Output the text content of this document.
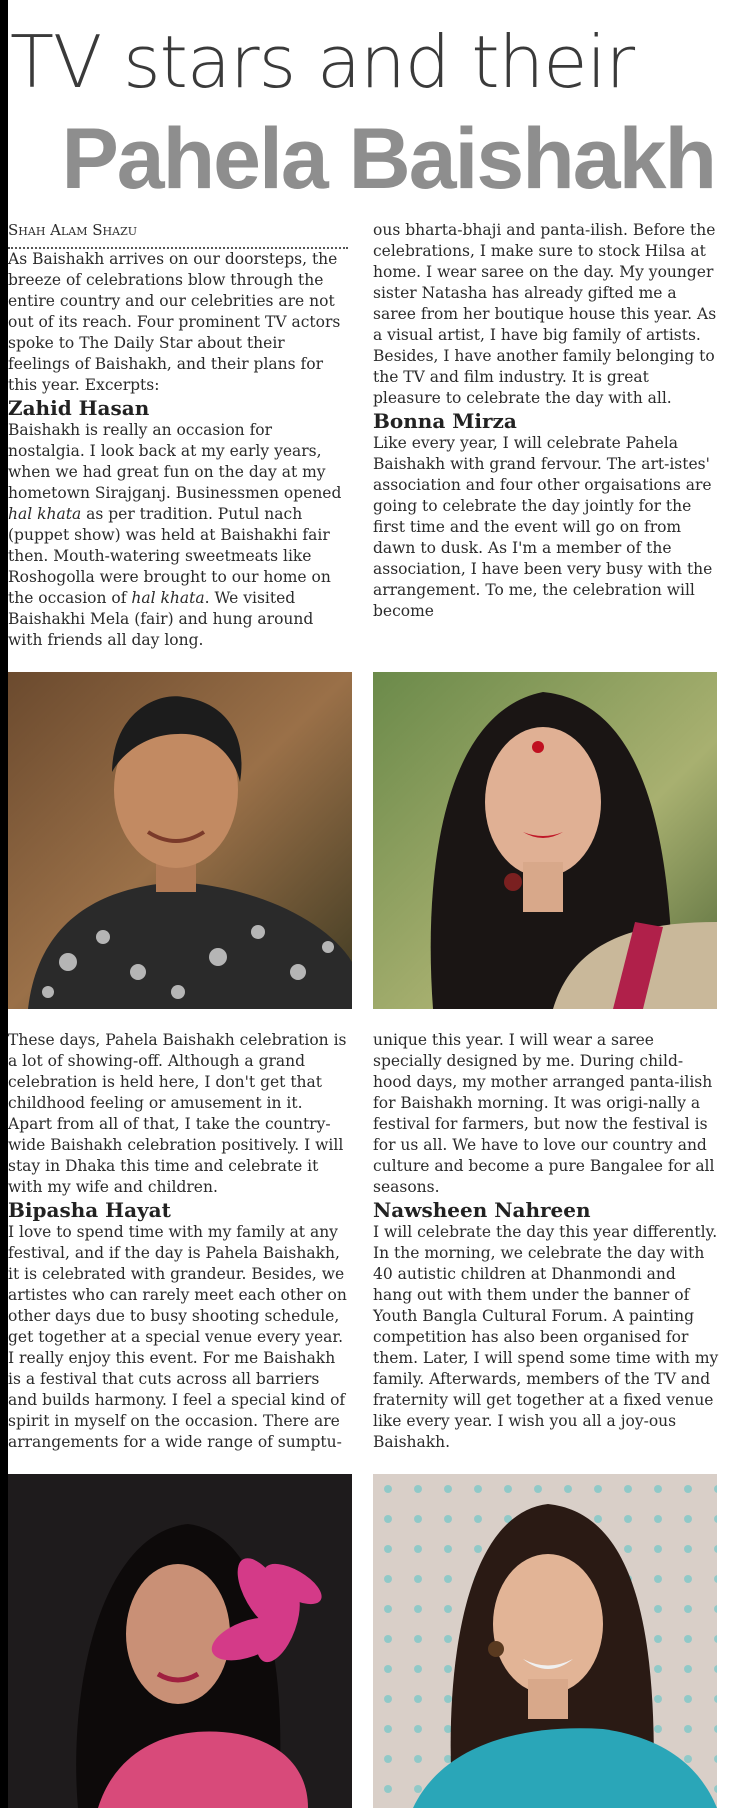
TV stars and their
Pahela Baishakh

Shah Alam Shazu

As Baishakh arrives on our doorsteps, the breeze of celebrations blow through the entire country and our celebrities are not out of its reach. Four prominent TV actors spoke to The Daily Star about their feelings of Baishakh, and their plans for this year. Excerpts:

Zahid Hasan

Baishakh is really an occasion for nostalgia. I look back at my early years, when we had great fun on the day at my hometown Sirajganj. Businessmen opened hal khata as per tradition. Putul nach (puppet show) was held at Baishakhi fair then. Mouth-watering sweetmeats like Roshogolla were brought to our home on the occasion of hal khata. We visited Baishakhi Mela (fair) and hung around with friends all day long.

ous bharta-bhaji and panta-ilish. Before the celebrations, I make sure to stock Hilsa at home. I wear saree on the day. My younger sister Natasha has already gifted me a saree from her boutique house this year. As a visual artist, I have big family of artists. Besides, I have another family belonging to the TV and film industry. It is great pleasure to celebrate the day with all.

Bonna Mirza

Like every year, I will celebrate Pahela Baishakh with grand fervour. The art-istes' association and four other orgaisations are going to celebrate the day jointly for the first time and the event will go on from dawn to dusk. As I'm a member of the association, I have been very busy with the arrangement. To me, the celebration will become

These days, Pahela Baishakh celebration is a lot of showing-off. Although a grand celebration is held here, I don't get that childhood feeling or amusement in it. Apart from all of that, I take the country-wide Baishakh celebration positively. I will stay in Dhaka this time and celebrate it with my wife and children.

Bipasha Hayat

I love to spend time with my family at any festival, and if the day is Pahela Baishakh, it is celebrated with grandeur. Besides, we artistes who can rarely meet each other on other days due to busy shooting schedule, get together at a special venue every year. I really enjoy this event. For me Baishakh is a festival that cuts across all barriers and builds harmony. I feel a special kind of spirit in myself on the occasion. There are arrangements for a wide range of sumptu-

unique this year. I will wear a saree specially designed by me. During child-hood days, my mother arranged panta-ilish for Baishakh morning. It was origi-nally a festival for farmers, but now the festival is for us all. We have to love our country and culture and become a pure Bangalee for all seasons.

Nawsheen Nahreen

I will celebrate the day this year differently. In the morning, we celebrate the day with 40 autistic children at Dhanmondi and hang out with them under the banner of Youth Bangla Cultural Forum. A painting competition has also been organised for them. Later, I will spend some time with my family. Afterwards, members of the TV and fraternity will get together at a fixed venue like every year. I wish you all a joy-ous Baishakh.
